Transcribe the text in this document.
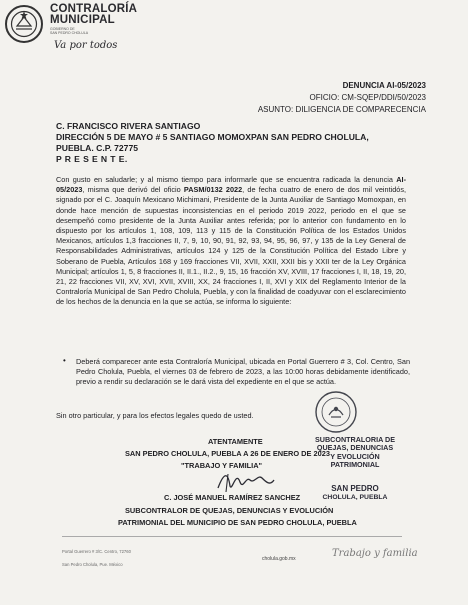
CONTRALORÍA
MUNICIPAL
GOBIERNO DE
SAN PEDRO CHOLULA
Va por todos
DENUNCIA AI-05/2023
OFICIO: CM-SQEP/DDI/50/2023
ASUNTO: DILIGENCIA DE COMPARECENCIA
C. FRANCISCO RIVERA SANTIAGO
DIRECCIÓN 5 DE MAYO # 5 SANTIAGO MOMOXPAN SAN PEDRO CHOLULA,
PUEBLA. C.P. 72775
P R E S E N T E.
Con gusto en saludarle; y al mismo tiempo para informarle que se encuentra radicada la denuncia AI-05/2023, misma que derivó del oficio PASM/0132 2022, de fecha cuatro de enero de dos mil veintidós, signado por el C. Joaquín Mexicano Michimani, Presidente de la Junta Auxiliar de Santiago Momoxpan, en donde hace mención de supuestas inconsistencias en el periodo 2019 2022, periodo en el que se desempeñó como presidente de la Junta Auxiliar antes referida; por lo anterior con fundamento en lo dispuesto por los artículos 1, 108, 109, 113 y 115 de la Constitución Política de los Estados Unidos Mexicanos, artículos 1,3 fracciones II, 7, 9, 10, 90, 91, 92, 93, 94, 95, 96, 97, y 135 de la Ley General de Responsabilidades Administrativas, artículos 124 y 125 de la Constitución Política del Estado Libre y Soberano de Puebla, Artículos 168 y 169 fracciones VII, XVII, XXII, XXII bis y XXII ter de la Ley Orgánica Municipal; artículos 1, 5, 8 fracciones II, II.1., II.2., 9, 15, 16 fracción XV, XVIII, 17 fracciones I, II, 18, 19, 20, 21, 22 fracciones VII, XV, XVI, XVII, XVIII, XX, 24 fracciones I, II, XVI y XIX del Reglamento Interior de la Contraloría Municipal de San Pedro Cholula, Puebla, y con la finalidad de coadyuvar con el esclarecimiento de los hechos de la denuncia en la que se actúa, se informa lo siguiente:
• Deberá comparecer ante esta Contraloría Municipal, ubicada en Portal Guerrero # 3, Col. Centro, San Pedro Cholula, Puebla, el viernes 03 de febrero de 2023, a las 10:00 horas debidamente identificado, previo a rendir su declaración se le dará vista del expediente en el que se actúa.
Sin otro particular, y para los efectos legales quedo de usted.
ATENTAMENTE
SAN PEDRO CHOLULA, PUEBLA A 26 DE ENERO DE 2023
"TRABAJO Y FAMILIA"
C. JOSÉ MANUEL RAMÍREZ SANCHEZ
SUBCONTRALOR DE QUEJAS, DENUNCIAS Y EVOLUCIÓN
PATRIMONIAL DEL MUNICIPIO DE SAN PEDRO CHOLULA, PUEBLA
SUBCONTRALORIA DE
QUEJAS, DENUNCIAS
Y EVOLUCIÓN
PATRIMONIAL
SAN PEDRO
CHOLULA, PUEBLA
Portal Guerrero # 3/C. Centro, 72760
San Pedro Cholula, Pue. México
cholula.gob.mx	Trabajo y familia
